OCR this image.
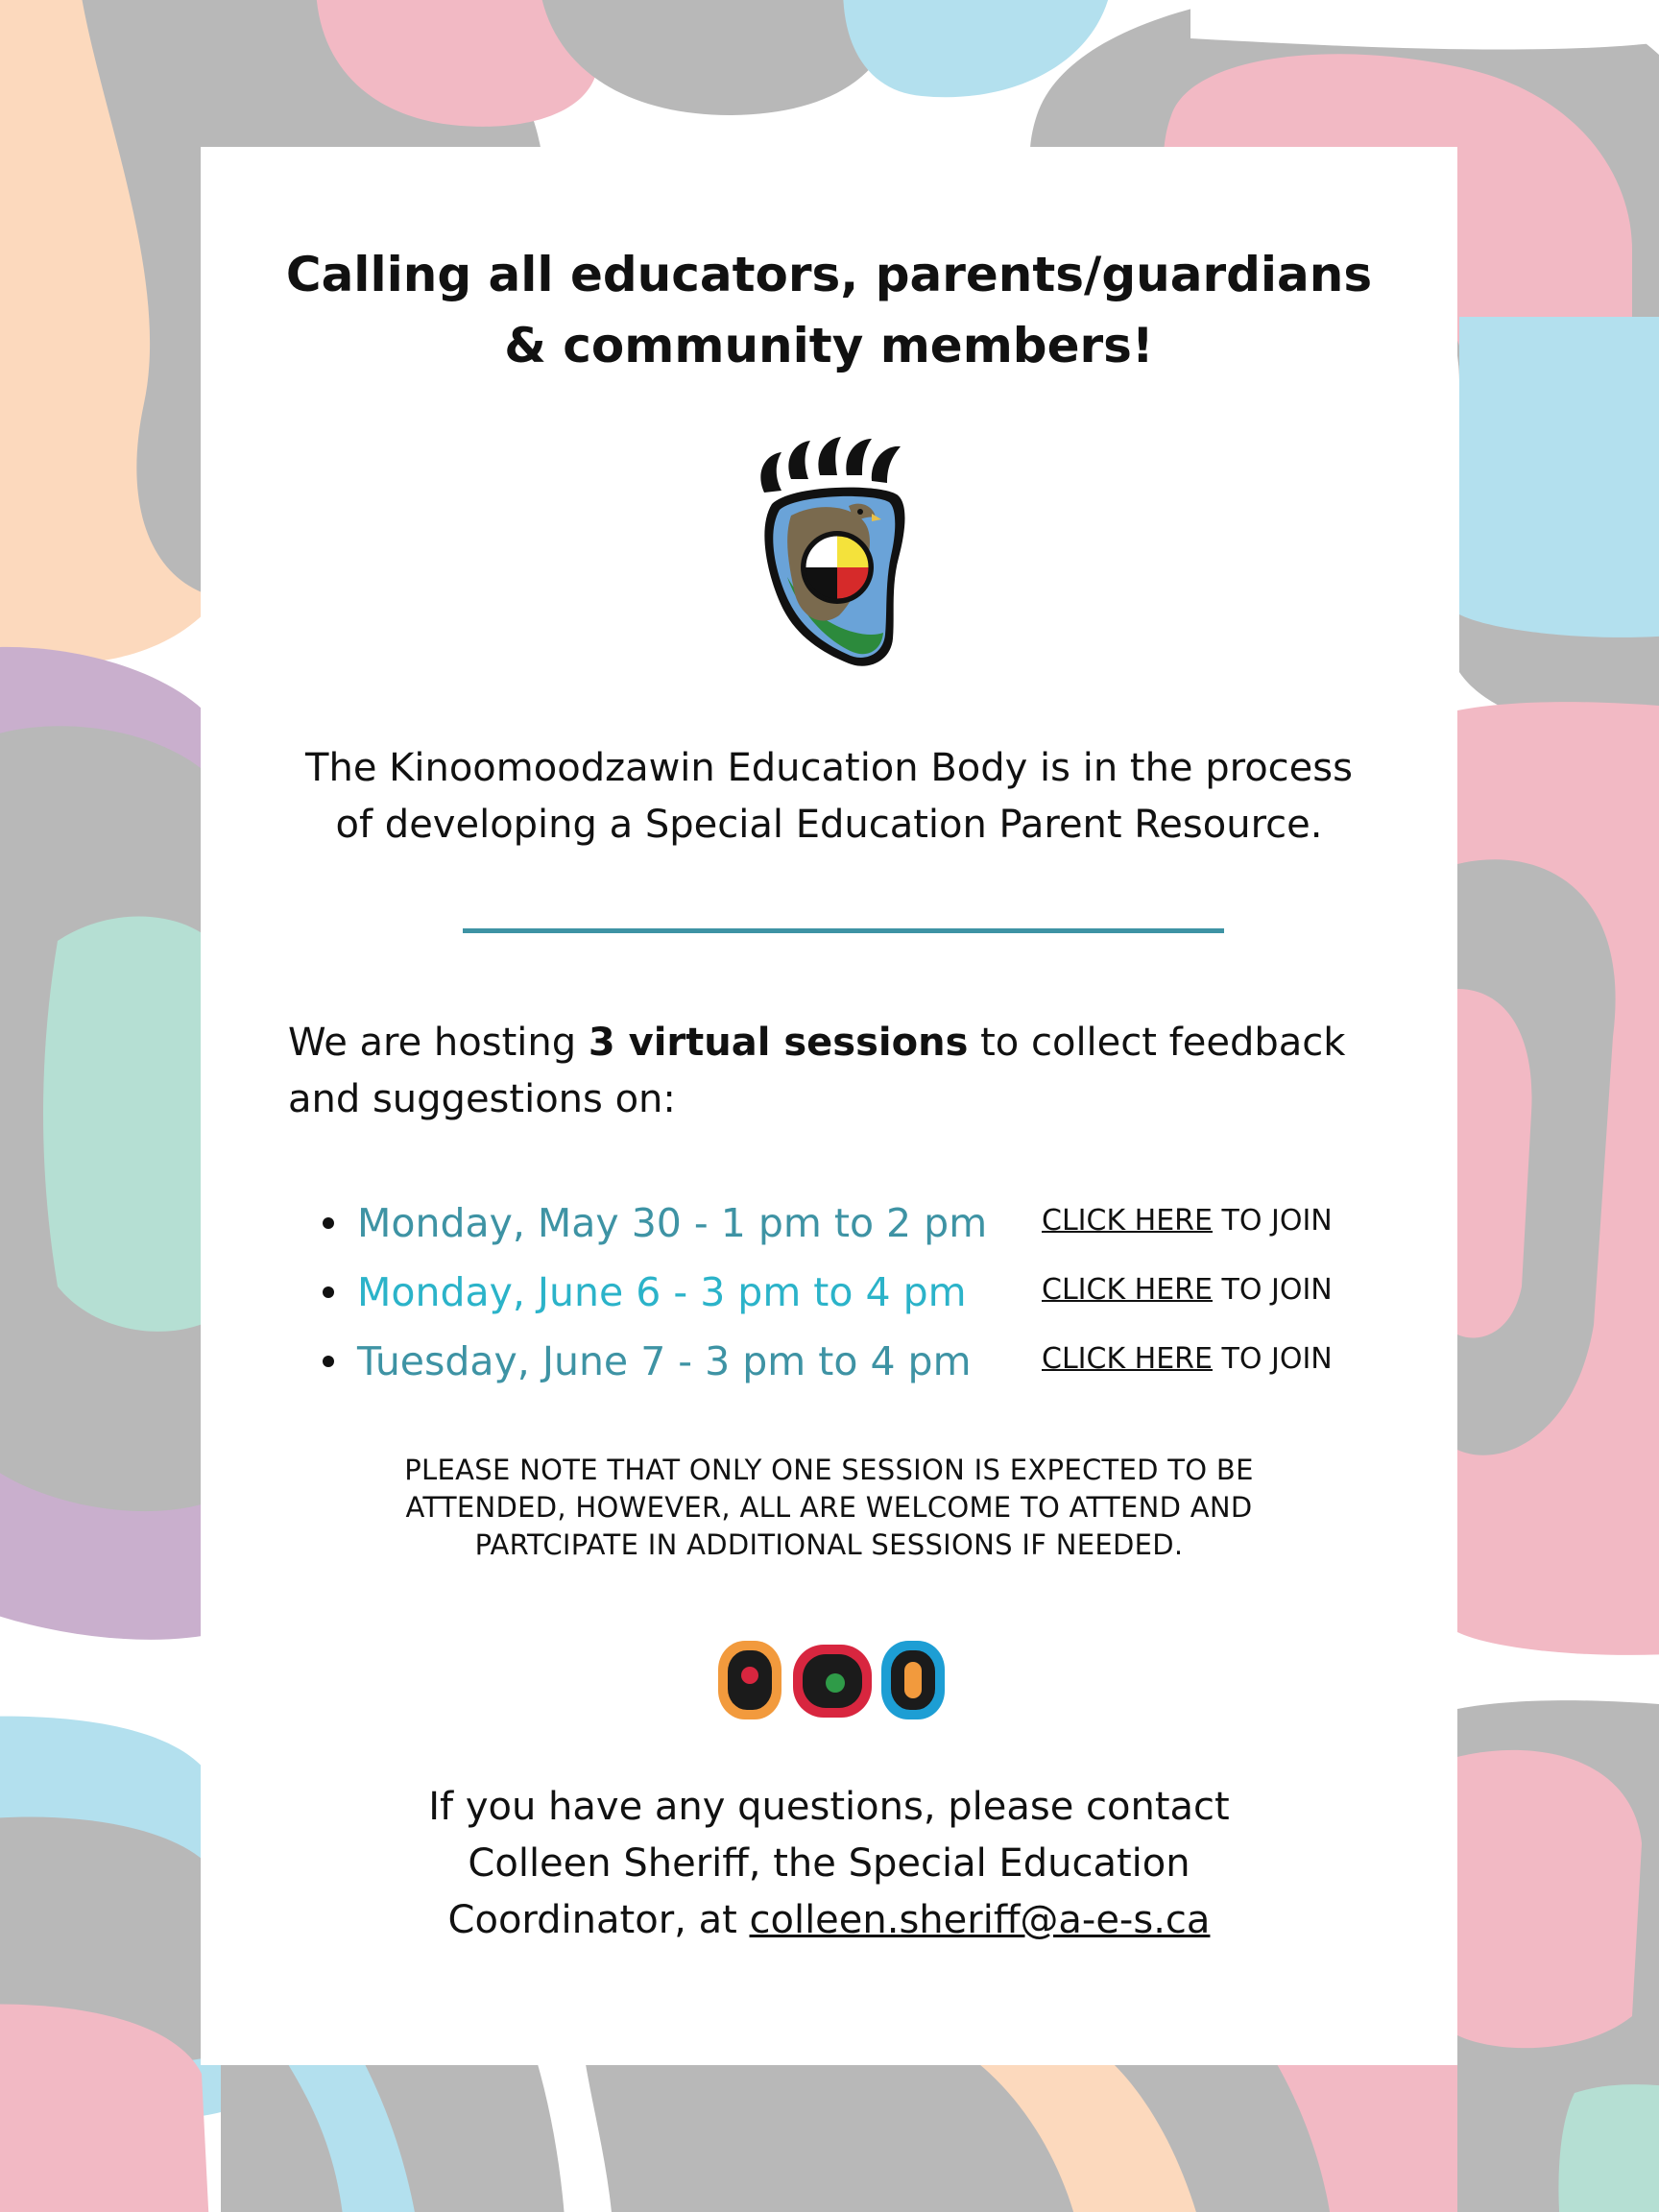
Calling all educators, parents/guardians
& community members!
The Kinoomoodzawin Education Body is in the process
of developing a Special Education Parent Resource.
We are hosting 3 virtual sessions to collect feedback
and suggestions on:
Monday, May 30 - 1 pm to 2 pm CLICK HERE TO JOIN
Monday, June 6 - 3 pm to 4 pm	CLICK HERE TO JOIN
Tuesday, June 7 - 3 pm to 4 pm CLICK HERE TO JOIN
PLEASE NOTE THAT ONLY ONE SESSION IS EXPECTED TO BE
ATTENDED, HOWEVER, ALL ARE WELCOME TO ATTEND AND
PARTCIPATE IN ADDITIONAL SESSIONS IF NEEDED.
If you have any questions, please contact
Colleen Sheriff, the Special Education
Coordinator, at colleen.sheriff@a-e-s.ca
